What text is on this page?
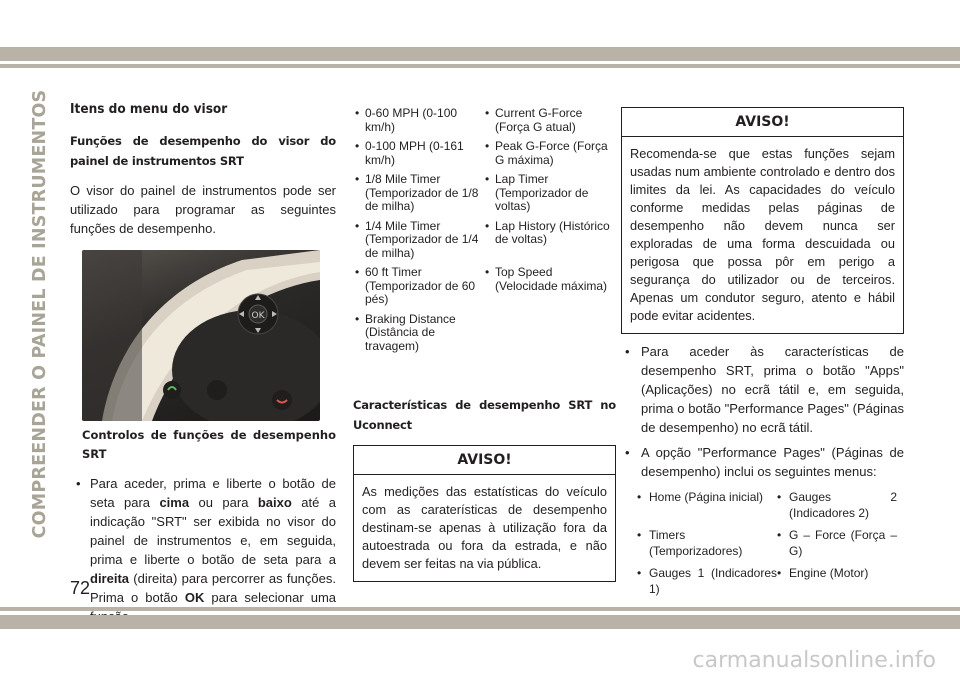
COMPREENDER O PAINEL DE INSTRUMENTOS Itens do menu do visor
Funções de desempenho do visor do painel de instrumentos SRT

O visor do painel de instrumentos pode ser utilizado para programar as seguintes funções de desempenho.

OK
Controlos de funções de desempenho SRT
• Para aceder, prima e liberte o botão de seta para cima ou para baixo até a indicação "SRT" ser exibida no visor do painel de instrumentos e, em seguida, prima e liberte o botão de seta para a direita (direita) para percorrer as funções. Prima o botão OK para selecionar uma
• 0-60 MPH (0-100 km/h)
• Current G-Force (Força G atual)
• 0-100 MPH (0-161 km/h)
• Peak G-Force (Força G máxima)
• 1/8 Mile Timer (Temporizador de 1/8 de milha)
• Lap Timer (Temporizador de voltas)
• 1/4 Mile Timer (Temporizador de 1/4 de milha)
• Lap History (Histórico de voltas)
• 60 ft Timer (Temporizador de 60 pés)
• Top Speed (Velocidade máxima)
• Braking Distance (Distância de travagem)
Características de desempenho SRT no Uconnect
AVISO!
As medições das estatísticas do veículo com as caraterísticas de desempenho destinam-se apenas à utilização fora da autoestrada ou fora da estrada, e não devem ser feitas na via pública.
AVISO!
Recomenda-se que estas funções sejam usadas num ambiente controlado e dentro dos limites da lei. As capacidades do veículo conforme medidas pelas páginas de desempenho não devem nunca ser exploradas de uma forma descuidada ou perigosa que possa pôr em perigo a segurança do utilizador ou de terceiros. Apenas um condutor seguro, atento e hábil pode evitar acidentes.
• Para aceder às características de desempenho SRT, prima o botão "Apps" (Aplicações) no ecrã tátil e, em seguida, prima o botão "Performance Pages" (Páginas de desempenho) no ecrã tátil.
• A opção "Performance Pages" (Páginas de desempenho) inclui os seguintes menus:
• Home (Página inicial)	• Gauges 2 (Indicadores 2)
• Timers (Temporizadores)
• G – Force (Força – G)
• Gauges 1 (Indicadores 1)
• Engine (Motor)
72
carmanualsonline.info
